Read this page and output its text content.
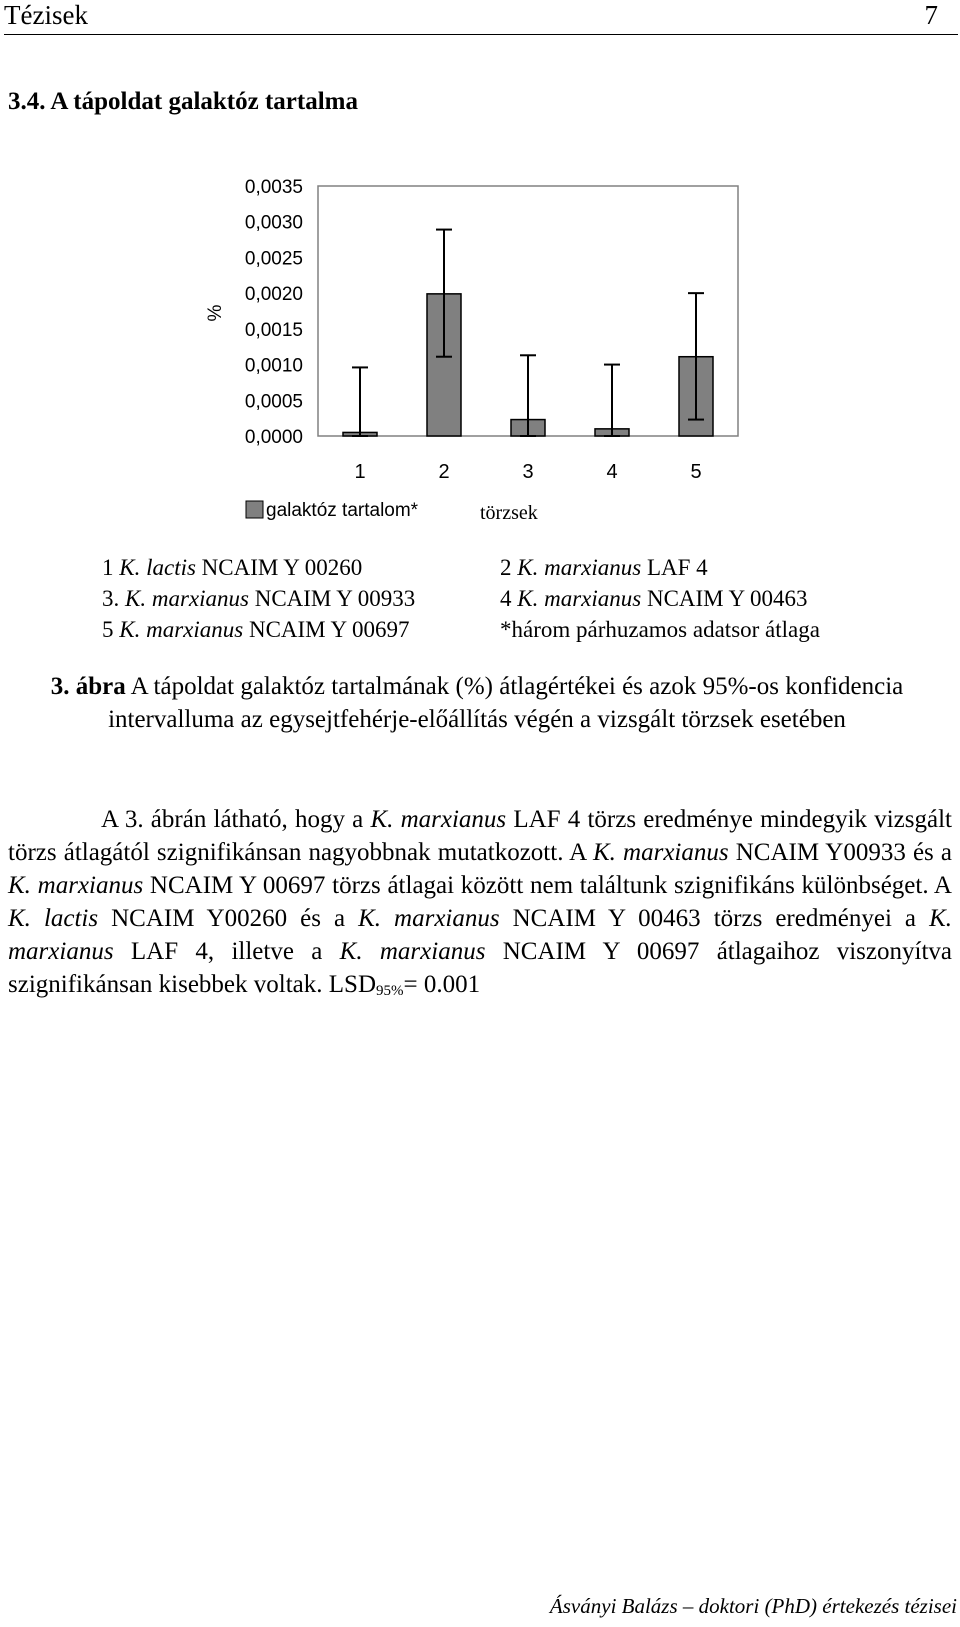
Tézisek	7
3.4. A tápoldat galaktóz tartalma
0,0000
0,0005
0,0010
0,0015
0,0020
0,0025
0,0030
0,0035
%
1	2	3	4	5
galaktóz tartalom*	törzsek
1 K. lactis NCAIM Y 00260	2 K. marxianus LAF 4
3. K. marxianus NCAIM Y 00933	4 K. marxianus NCAIM Y 00463
5 K. marxianus NCAIM Y 00697	*három párhuzamos adatsor átlaga
3. ábra A tápoldat galaktóz tartalmának (%) átlagértékei és azok 95%-os konfidencia intervalluma az egysejtfehérje-előállítás végén a vizsgált törzsek esetében
A 3. ábrán látható, hogy a K. marxianus LAF 4 törzs eredménye mindegyik vizsgált törzs átlagától szignifikánsan nagyobbnak mutatkozott. A K. marxianus NCAIM Y00933 és a K. marxianus NCAIM Y 00697 törzs átlagai között nem találtunk szignifikáns különbséget. A K. lactis NCAIM Y00260 és a K. marxianus NCAIM Y 00463 törzs eredményei a K. marxianus LAF 4, illetve a K. marxianus NCAIM Y 00697 átlagaihoz viszonyítva szignifikánsan kisebbek voltak. $LSD_{95\%}= 0.001$
Ásványi Balázs – doktori (PhD) értekezés tézisei
